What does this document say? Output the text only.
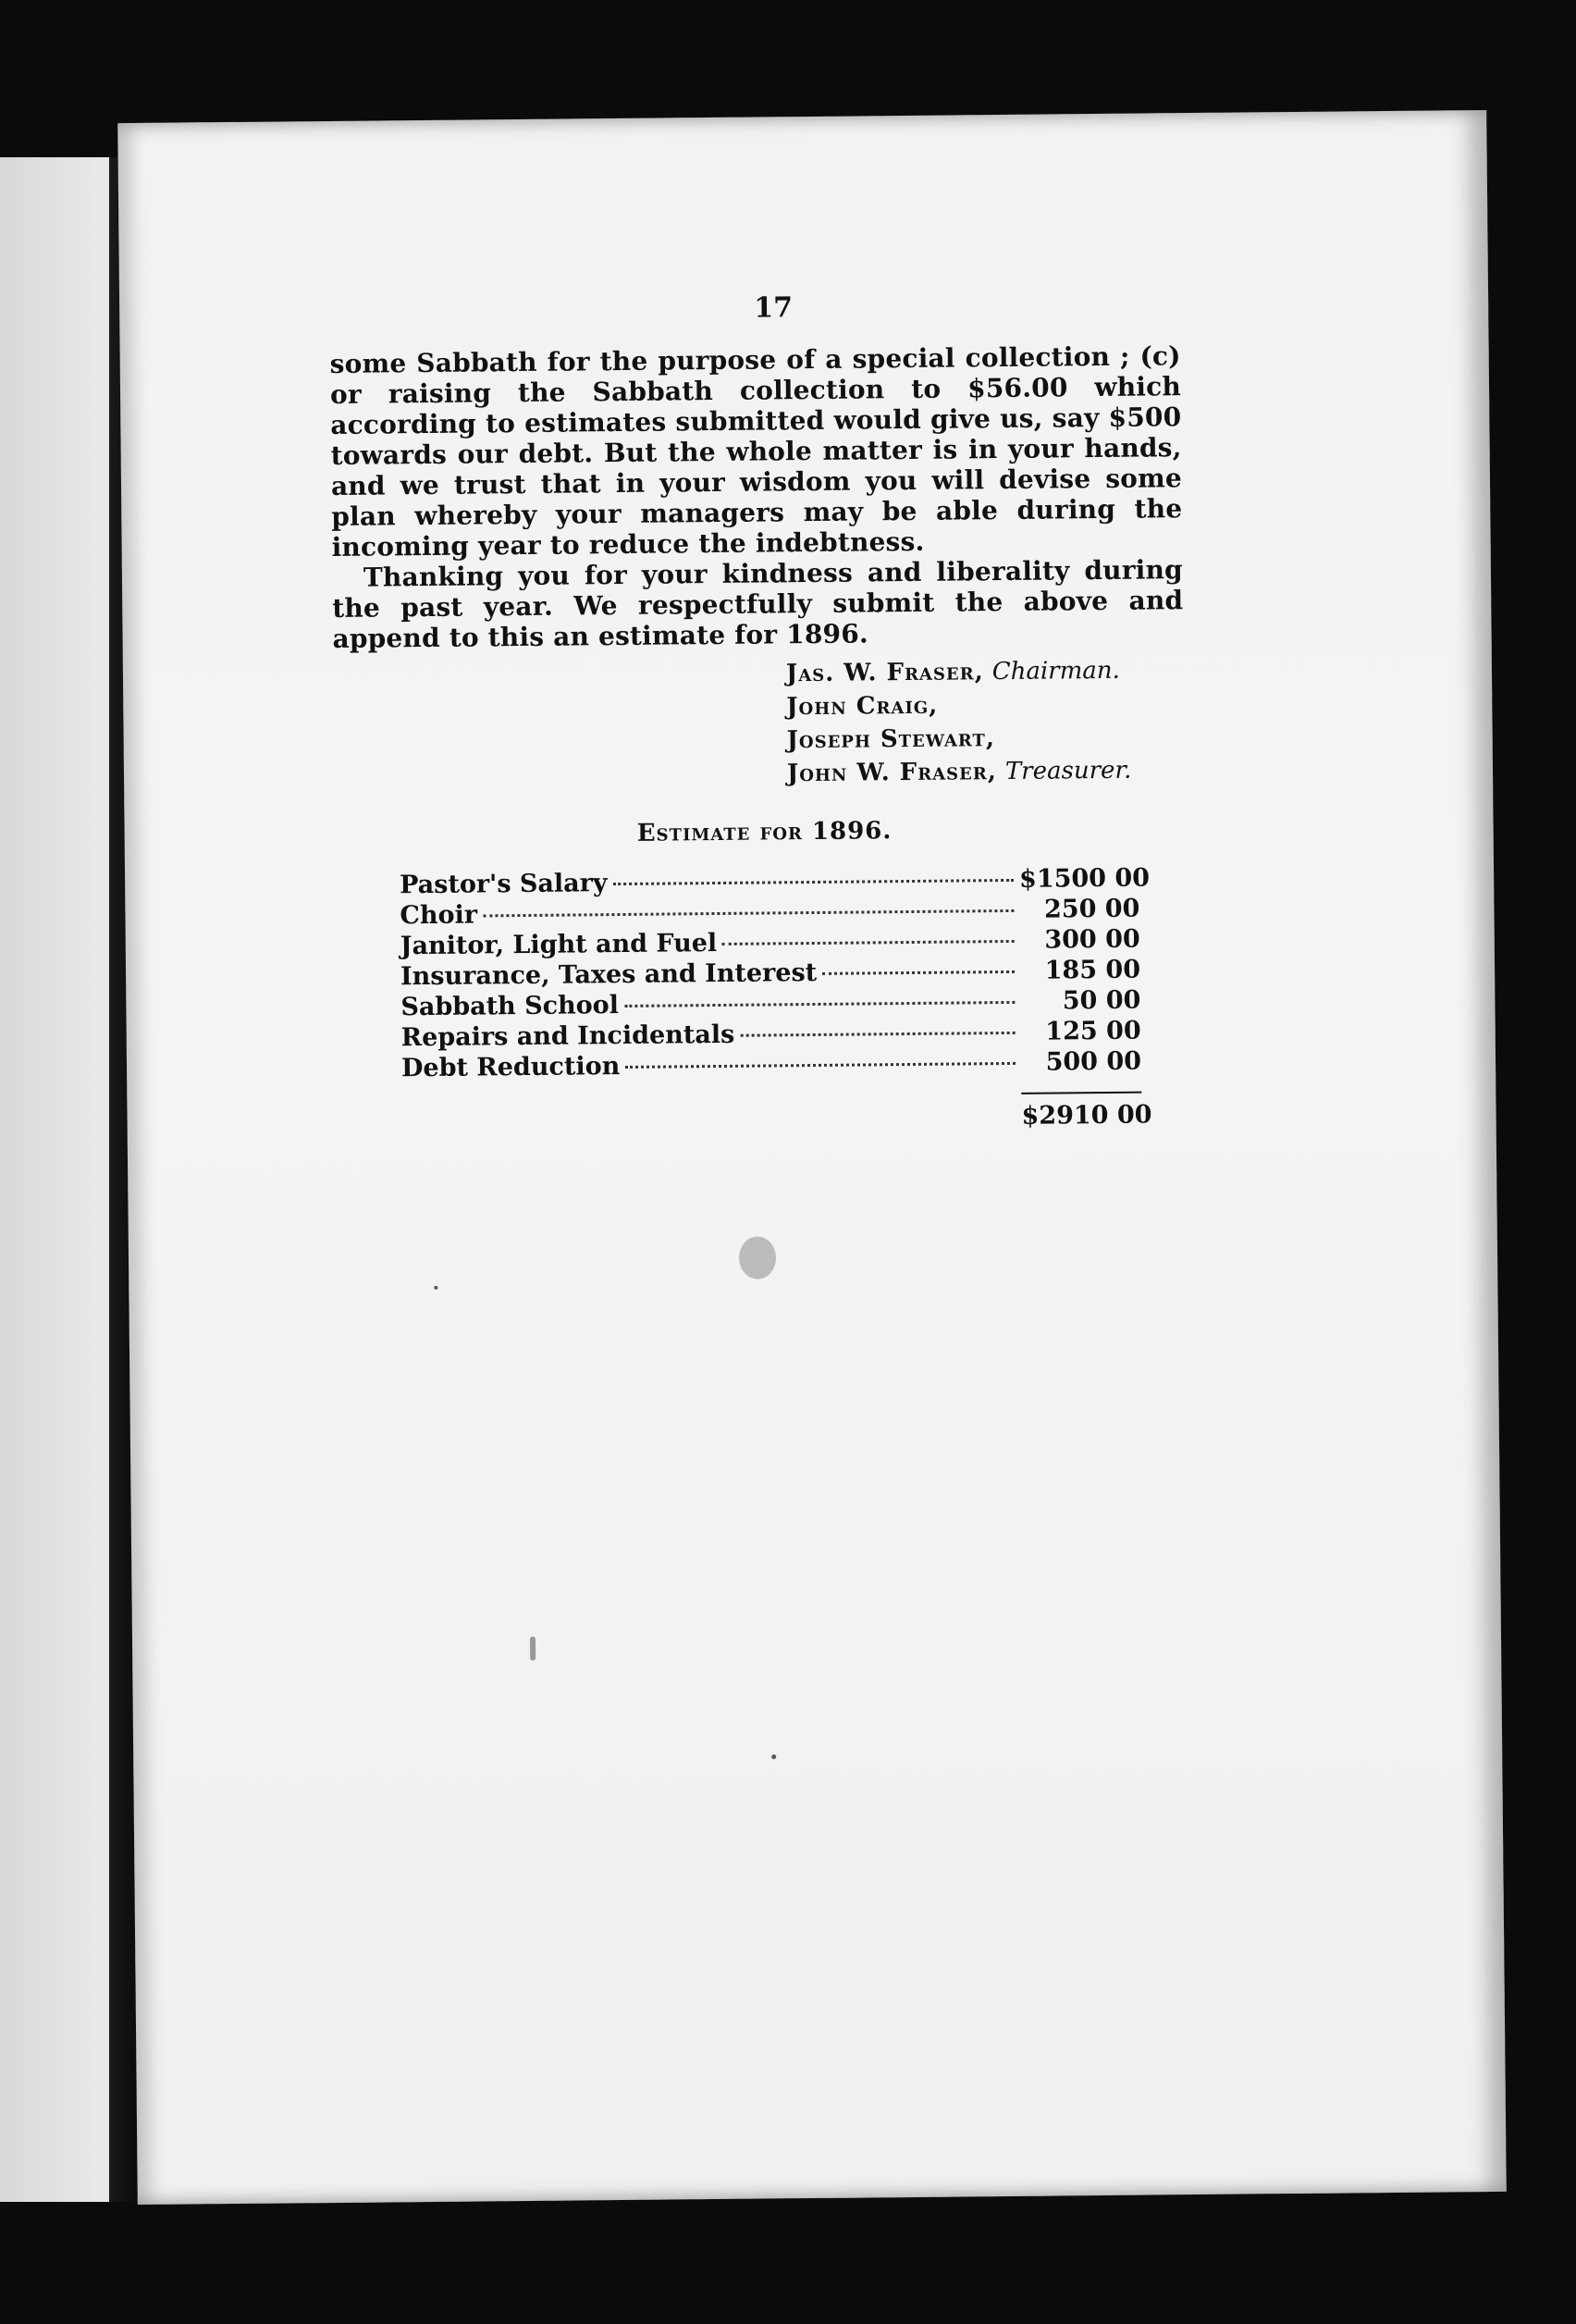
17

some Sabbath for the purpose of a special collection ; (c) or raising the Sabbath collection to $56.00 which according to estimates submitted would give us, say $500 towards our debt. But the whole matter is in your hands, and we trust that in your wisdom you will devise some plan whereby your managers may be able during the incoming year to reduce the indebtness.

Thanking you for your kindness and liberality during the past year. We respectfully submit the above and append to this an estimate for 1896.

Jas. W. Fraser, Chairman.
John Craig,
Joseph Stewart,
John W. Fraser, Treasurer.
Estimate for 1896.
Pastor's Salary	$1500 00
Choir	250 00
Janitor, Light and Fuel	300 00
Insurance, Taxes and Interest	185 00
Sabbath School	50 00
Repairs and Incidentals	125 00
Debt Reduction	500 00
$2910 00
